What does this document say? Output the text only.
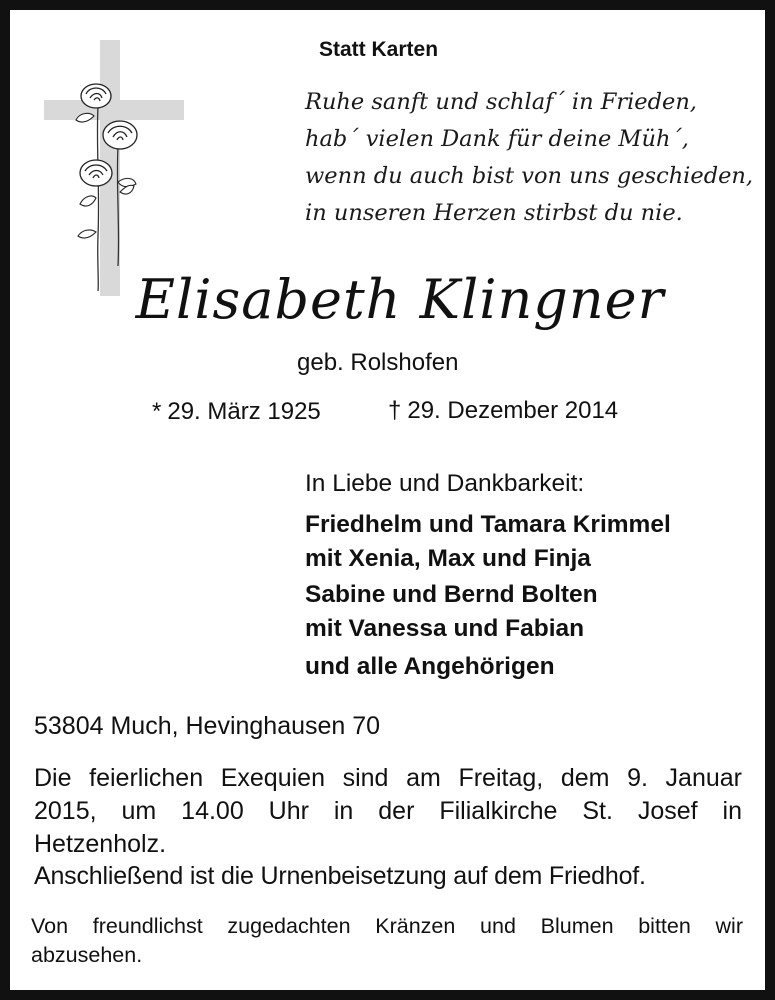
Statt Karten
Ruhe sanft und schlaf´ in Frieden,
hab´ vielen Dank für deine Müh´,
wenn du auch bist von uns geschieden,
in unseren Herzen stirbst du nie.
Elisabeth Klingner
geb. Rolshofen
* 29. März 1925	† 29. Dezember 2014
In Liebe und Dankbarkeit:
Friedhelm und Tamara Krimmel
mit Xenia, Max und Finja
Sabine und Bernd Bolten
mit Vanessa und Fabian
und alle Angehörigen
53804 Much, Hevinghausen 70
Die feierlichen Exequien sind am Freitag, dem 9. Januar
2015, um 14.00 Uhr in der Filialkirche St. Josef in
Hetzenholz.
Anschließend ist die Urnenbeisetzung auf dem Friedhof.
Von freundlichst zugedachten Kränzen und Blumen bitten wir
abzusehen.
